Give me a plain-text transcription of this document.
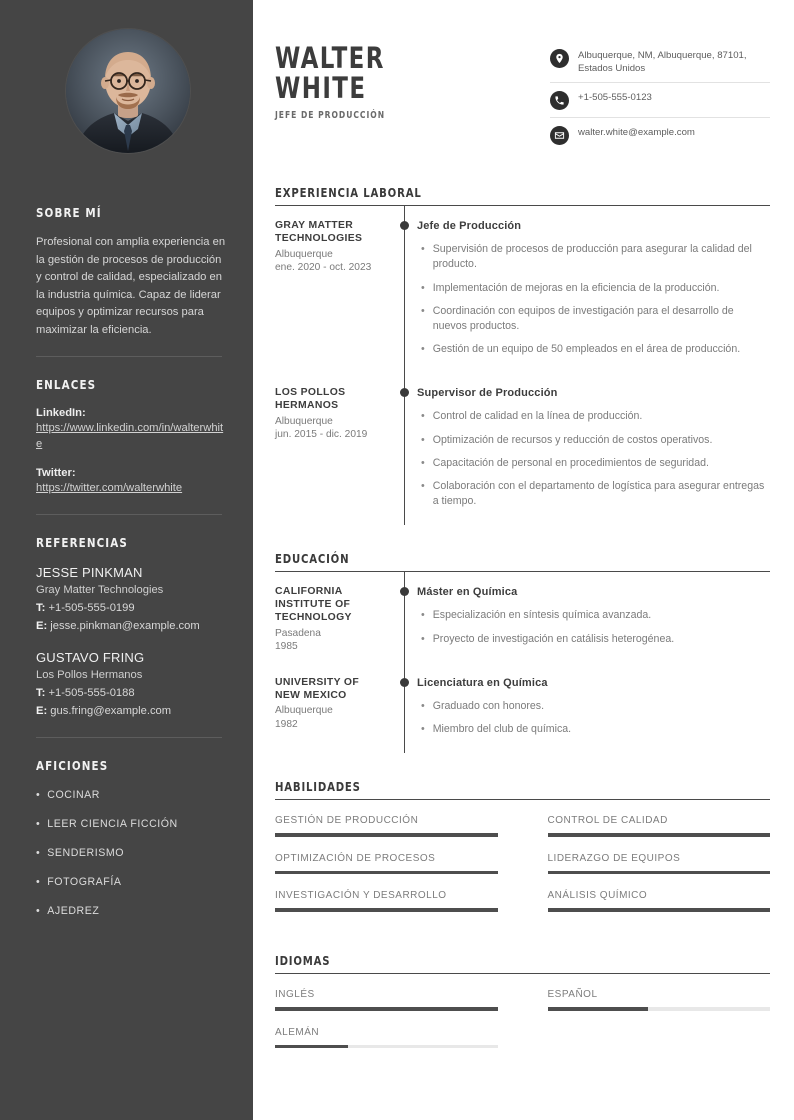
SOBRE MÍ

Profesional con amplia experiencia en la gestión de procesos de producción y control de calidad, especializado en la industria química. Capaz de liderar equipos y optimizar recursos para maximizar la eficiencia.

ENLACES
LinkedIn:
https://www.linkedin.com/in/walterwhite
Twitter:
https://twitter.com/walterwhite
REFERENCIAS
JESSE PINKMAN
Gray Matter Technologies
T: +1-505-555-0199
E: jesse.pinkman@example.com
GUSTAVO FRING
Los Pollos Hermanos
T: +1-505-555-0188
E: gus.fring@example.com
AFICIONES
• COCINAR
• LEER CIENCIA FICCIÓN
• SENDERISMO
• FOTOGRAFÍA
• AJEDREZ
WALTER
WHITE
JEFE DE PRODUCCIÓN
Albuquerque, NM, Albuquerque, 87101, Estados Unidos
+1-505-555-0123
walter.white@example.com
EXPERIENCIA LABORAL
GRAY MATTER TECHNOLOGIES
Albuquerque
ene. 2020 - oct. 2023
Jefe de Producción
• Supervisión de procesos de producción para asegurar la calidad del producto.
• Implementación de mejoras en la eficiencia de la producción.
• Coordinación con equipos de investigación para el desarrollo de nuevos productos.
• Gestión de un equipo de 50 empleados en el área de producción.
LOS POLLOS HERMANOS
Albuquerque
jun. 2015 - dic. 2019
Supervisor de Producción
• Control de calidad en la línea de producción.
• Optimización de recursos y reducción de costos operativos.
• Capacitación de personal en procedimientos de seguridad.
• Colaboración con el departamento de logística para asegurar entregas a tiempo.
EDUCACIÓN
CALIFORNIA INSTITUTE OF TECHNOLOGY
Pasadena
1985
Máster en Química
• Especialización en síntesis química avanzada.
• Proyecto de investigación en catálisis heterogénea.
UNIVERSITY OF NEW MEXICO
Albuquerque
1982
Licenciatura en Química
• Graduado con honores.
• Miembro del club de química.
HABILIDADES
GESTIÓN DE PRODUCCIÓN	CONTROL DE CALIDAD
OPTIMIZACIÓN DE PROCESOS	LIDERAZGO DE EQUIPOS
INVESTIGACIÓN Y DESARROLLO	ANÁLISIS QUÍMICO
IDIOMAS
INGLÉS	ESPAÑOL
ALEMÁN
